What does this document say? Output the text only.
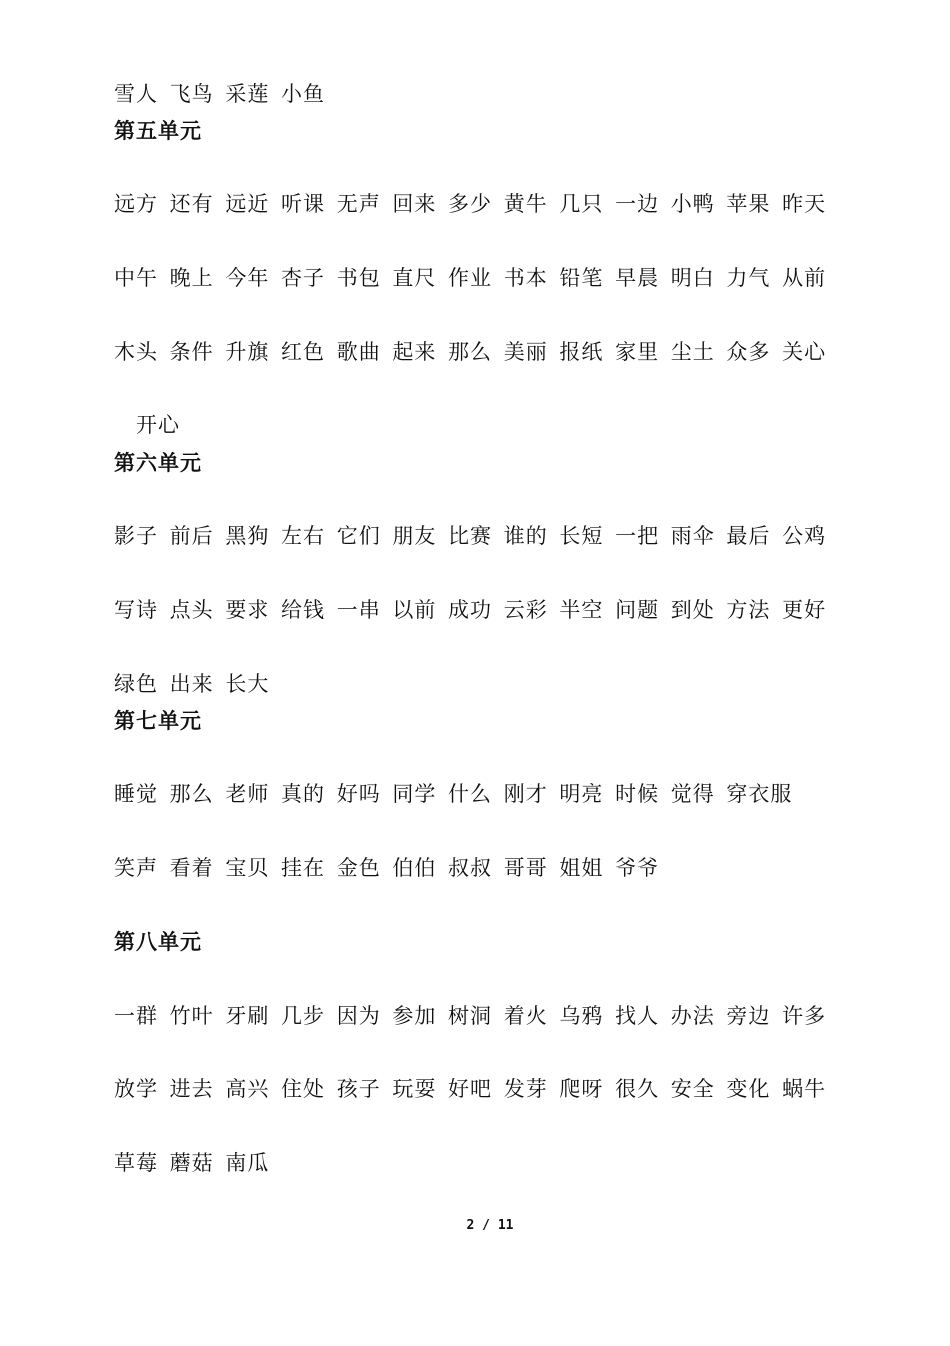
雪人 飞鸟 采莲 小鱼
第五单元
远方 还有 远近 听课 无声 回来 多少 黄牛 几只 一边 小鸭 苹果 昨天
中午 晚上 今年 杏子 书包 直尺 作业 书本 铅笔 早晨 明白 力气 从前
木头 条件 升旗 红色 歌曲 起来 那么 美丽 报纸 家里 尘土 众多 关心
开心
第六单元
影子 前后 黑狗 左右 它们 朋友 比赛 谁的 长短 一把 雨伞 最后 公鸡
写诗 点头 要求 给钱 一串 以前 成功 云彩 半空 问题 到处 方法 更好
绿色 出来 长大
第七单元
睡觉 那么 老师 真的 好吗 同学 什么 刚才 明亮 时候 觉得 穿衣服
笑声 看着 宝贝 挂在 金色 伯伯 叔叔 哥哥 姐姐 爷爷
第八单元
一群 竹叶 牙刷 几步 因为 参加 树洞 着火 乌鸦 找人 办法 旁边 许多
放学 进去 高兴 住处 孩子 玩耍 好吧 发芽 爬呀 很久 安全 变化 蜗牛
草莓 蘑菇 南瓜
2 / 11
